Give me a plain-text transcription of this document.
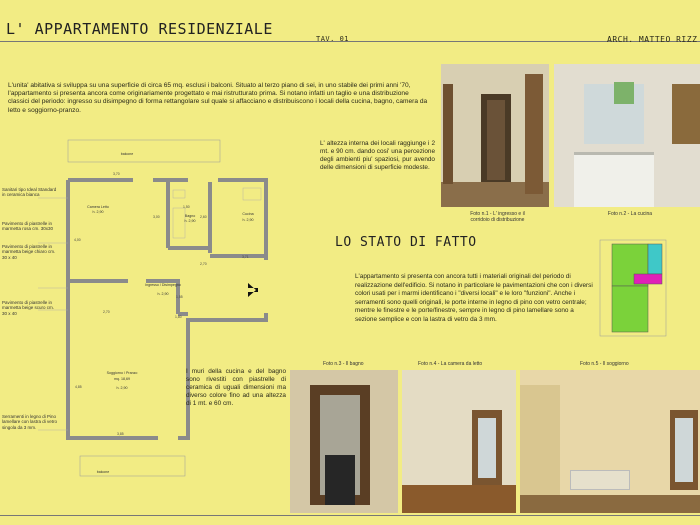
L' APPARTAMENTO RESIDENZIALE
TAV. 01	ARCH. MATTEO RIZZ
L'unita' abitativa si sviluppa su una superficie di circa 65 mq. esclusi i balconi. Situato al terzo piano di sei, in uno stabile dei primi anni '70, l'appartamento si presenta ancora come originariamente progettato e mai ristrutturato prima. Si notano infatti un taglio e una distribuzione classici del periodo: ingresso su disimpegno di forma rettangolare sul quale si affacciano e distribuiscono i locali della cucina, bagno, camera da letto e soggiorno-pranzo.
balcone
Camera Letto
h. 2,90
Bagno
h. 2,90
Cucina
h. 2,90
Ingresso / Disimpegno
h. 2,90
Soggiorno / Pranzo
mq. 18,69
h. 2,90
balcone
3,70
1,50
3,00	2,60
4,00
3,71
1,55
4,85
3,85
2,70
2,70
1,80
Sanitari tipo Ideal Standard in ceramica bianca
Pavimento di piastrelle in marmetta rosa cm. 30x30
Pavimento di piastrelle in marmetta beige chiaro cm. 30 x 40
Pavimento di piastrelle in marmetta beige scuro cm. 30 x 40
Serramenti in legno di Pino lamellare con lastra di vetro singola da 3 mm.
L' altezza interna dei locali raggiunge i 2 mt. e 90 cm. dando cosi' una percezione degli ambienti piu' spaziosi, pur avendo delle dimensioni di superficie modeste.
I muri della cucina e del bagno sono rivestiti con piastrelle di ceramica di uguali dimensioni ma diverso colore fino ad una altezza di 1 mt. e 60 cm.
Foto n.1 - L' ingresso e il corridoio di distribuzione
Foto n.2 - La cucina
LO STATO DI FATTO
L'appartamento si presenta con ancora tutti i materiali originali del periodo di realizzazione dell'edificio. Si notano in particolare le pavimentazioni che con i diversi colori usati per i marmi identificano i "diversi locali" e le loro "funzioni". Anche i serramenti sono quelli originali, le porte interne in legno di pino con vetro centrale; mentre le finestre e le porte/finestre, sempre in legno di pino lamellare sono a sezione semplice e con la lastra di vetro da 3 mm.
Foto n.3 - Il bagno	Foto n.4 - La camera da letto	Foto n.5 - Il soggiorno
